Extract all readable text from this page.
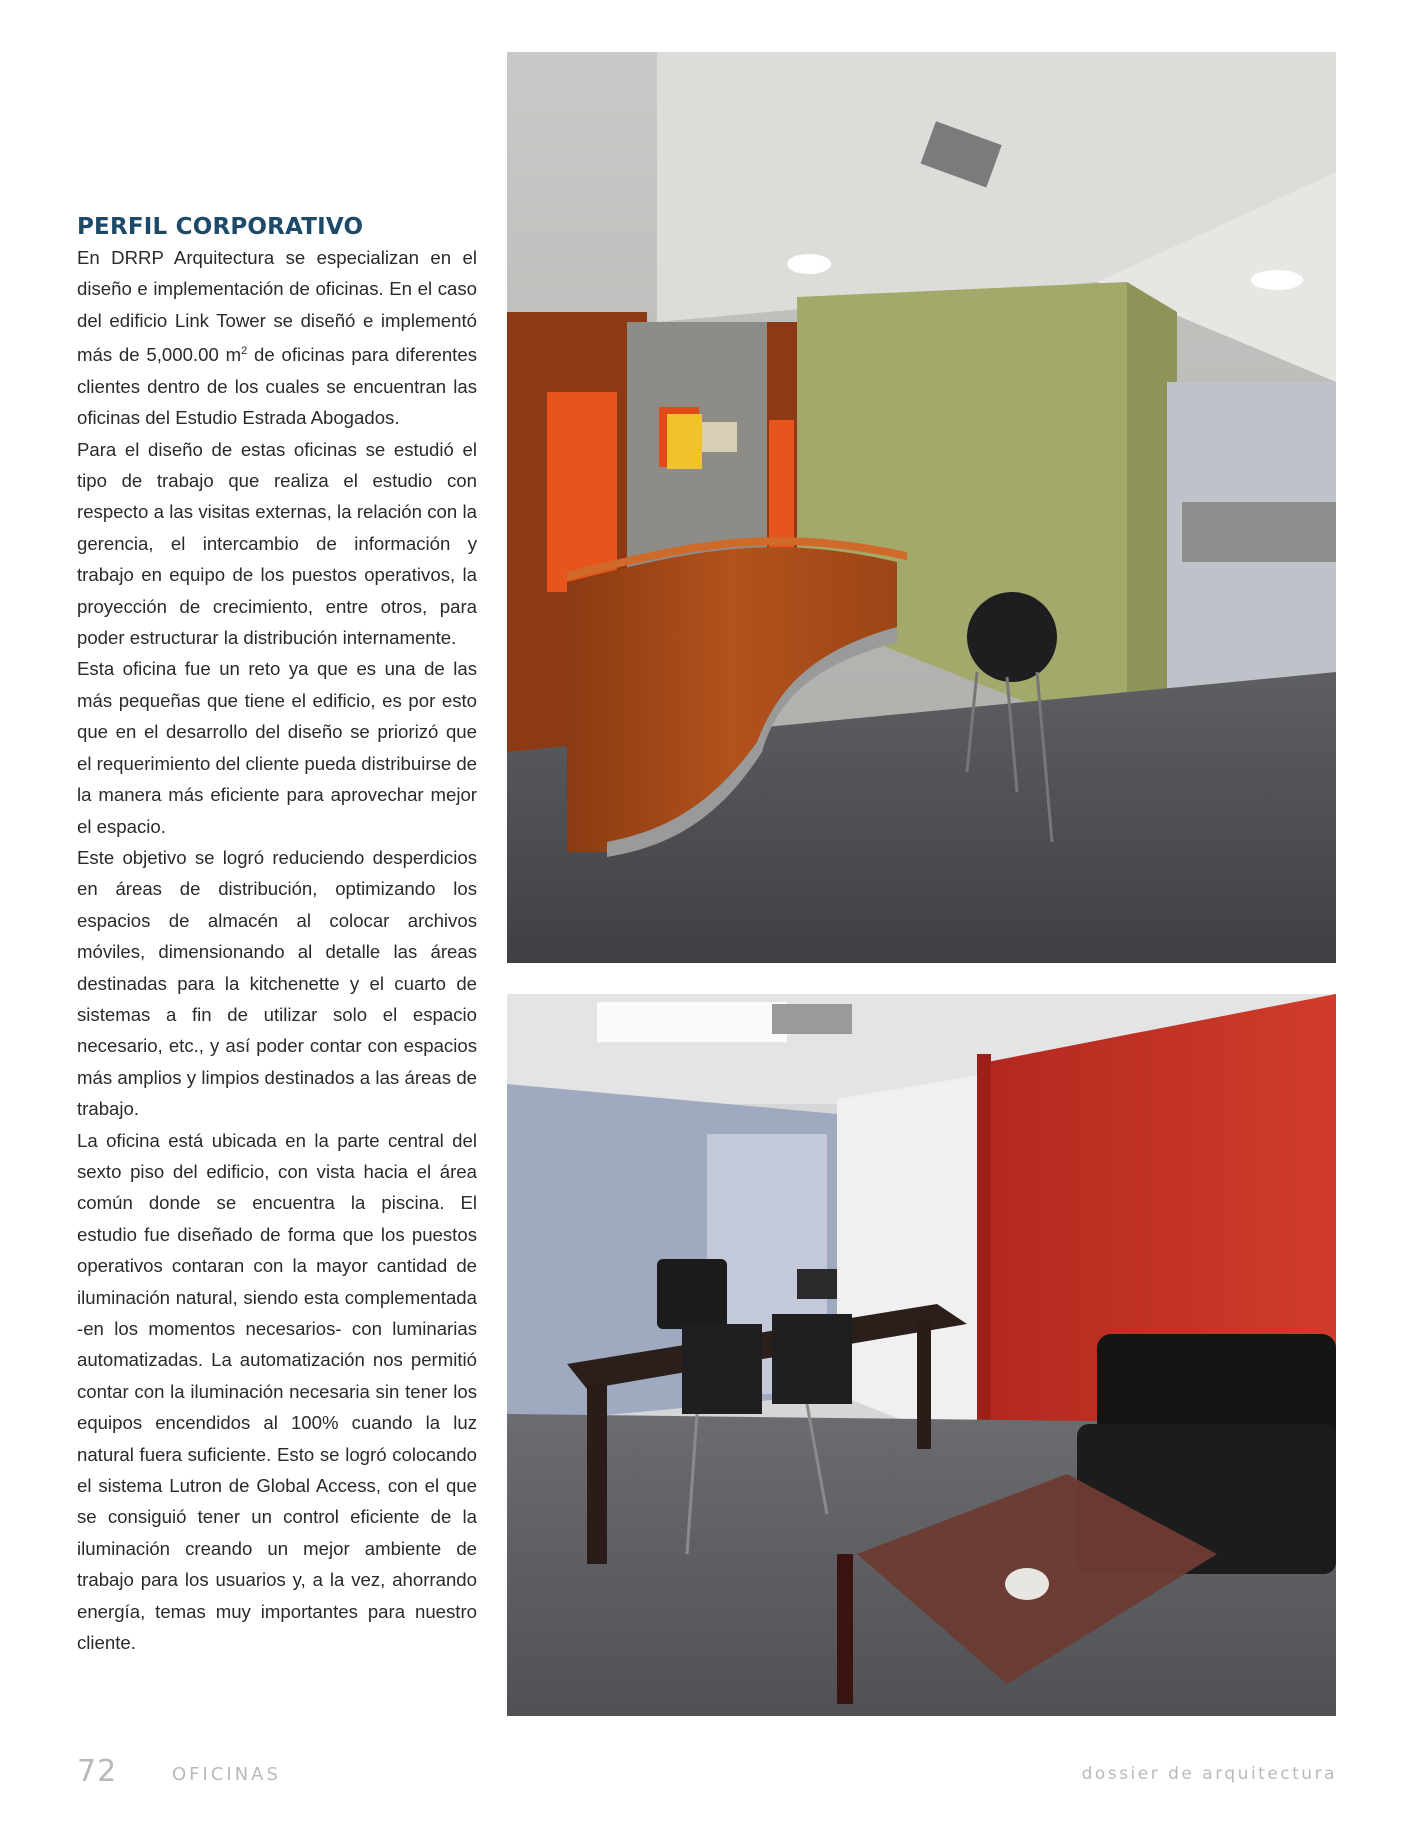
PERFIL CORPORATIVO

En DRRP Arquitectura se especializan en el diseño e implementación de oficinas. En el caso del edificio Link Tower se diseñó e implementó más de 5,000.00 $m^2$ de oficinas para diferentes clientes dentro de los cuales se encuentran las oficinas del Estudio Estrada Abogados.

Para el diseño de estas oficinas se estudió el tipo de trabajo que realiza el estudio con respecto a las visitas externas, la relación con la gerencia, el intercambio de información y trabajo en equipo de los puestos operativos, la proyección de crecimiento, entre otros, para poder estructurar la distribución internamente.

Esta oficina fue un reto ya que es una de las más pequeñas que tiene el edificio, es por esto que en el desarrollo del diseño se priorizó que el requerimiento del cliente pueda distribuirse de la manera más eficiente para aprovechar mejor el espacio.

Este objetivo se logró reduciendo desperdicios en áreas de distribución, optimizando los espacios de almacén al colocar archivos móviles, dimensionando al detalle las áreas destinadas para la kitchenette y el cuarto de sistemas a fin de utilizar solo el espacio necesario, etc., y así poder contar con espacios más amplios y limpios destinados a las áreas de trabajo.

La oficina está ubicada en la parte central del sexto piso del edificio, con vista hacia el área común donde se encuentra la piscina. El estudio fue diseñado de forma que los puestos operativos contaran con la mayor cantidad de iluminación natural, siendo esta complementada -en los momentos necesarios- con luminarias automatizadas. La automatización nos permitió contar con la iluminación necesaria sin tener los equipos encendidos al 100% cuando la luz natural fuera suficiente. Esto se logró colocando el sistema Lutron de Global Access, con el que se consiguió tener un control eficiente de la iluminación creando un mejor ambiente de trabajo para los usuarios y, a la vez, ahorrando energía, temas muy importantes para nuestro cliente.

72	OFICINAS	dossier de arquitectura
